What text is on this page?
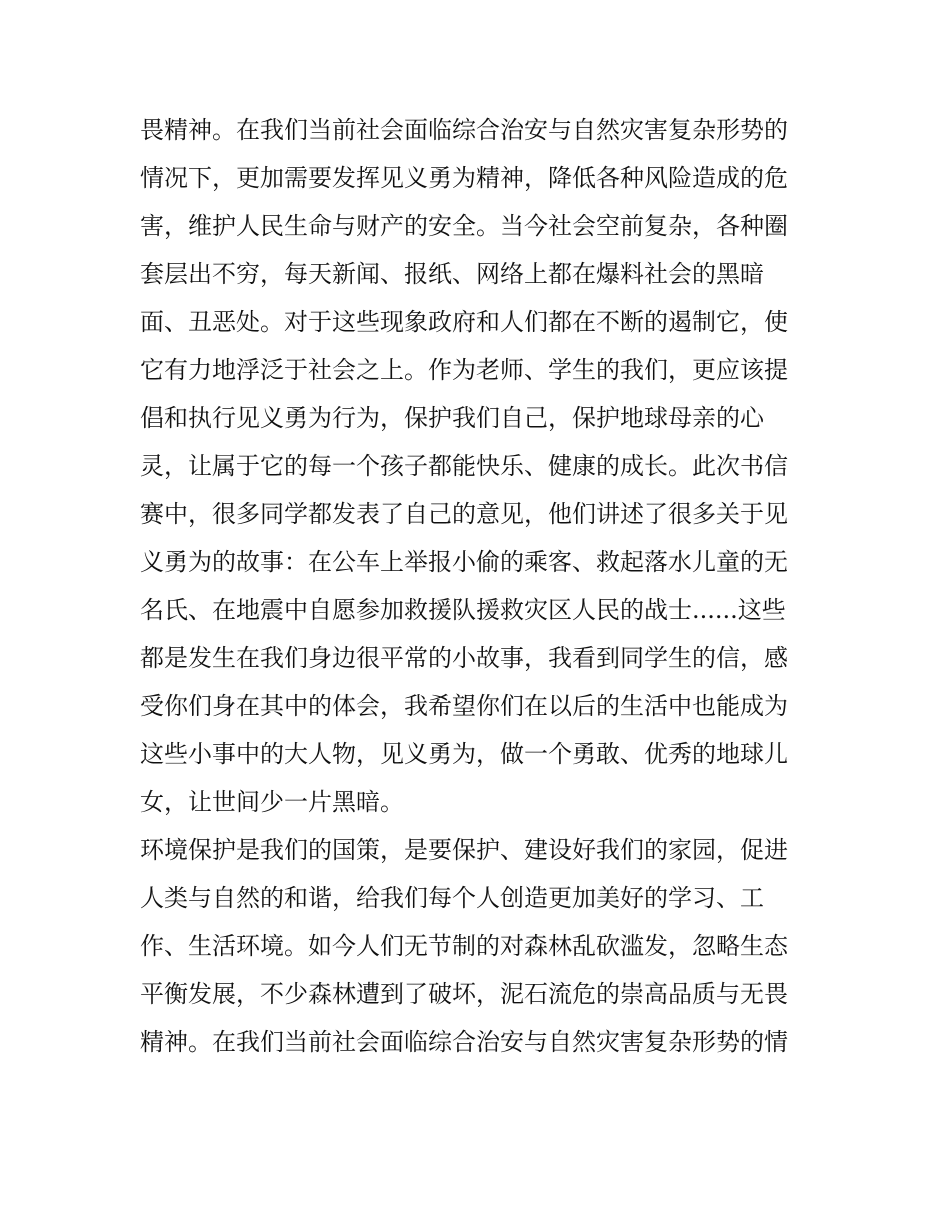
畏精神。在我们当前社会面临综合治安与自然灾害复杂形势的

情况下，更加需要发挥见义勇为精神，降低各种风险造成的危

害，维护人民生命与财产的安全。当今社会空前复杂，各种圈

套层出不穷，每天新闻、报纸、网络上都在爆料社会的黑暗

面、丑恶处。对于这些现象政府和人们都在不断的遏制它，使

它有力地浮泛于社会之上。作为老师、学生的我们，更应该提

倡和执行见义勇为行为，保护我们自己，保护地球母亲的心

灵，让属于它的每一个孩子都能快乐、健康的成长。此次书信

赛中，很多同学都发表了自己的意见，他们讲述了很多关于见

义勇为的故事：在公车上举报小偷的乘客、救起落水儿童的无

名氏、在地震中自愿参加救援队援救灾区人民的战士......这些

都是发生在我们身边很平常的小故事，我看到同学生的信，感

受你们身在其中的体会，我希望你们在以后的生活中也能成为

这些小事中的大人物，见义勇为，做一个勇敢、优秀的地球儿

女，让世间少一片黑暗。

环境保护是我们的国策，是要保护、建设好我们的家园，促进

人类与自然的和谐，给我们每个人创造更加美好的学习、工

作、生活环境。如今人们无节制的对森林乱砍滥发，忽略生态

平衡发展，不少森林遭到了破坏，泥石流危的崇高品质与无畏

精神。在我们当前社会面临综合治安与自然灾害复杂形势的情
